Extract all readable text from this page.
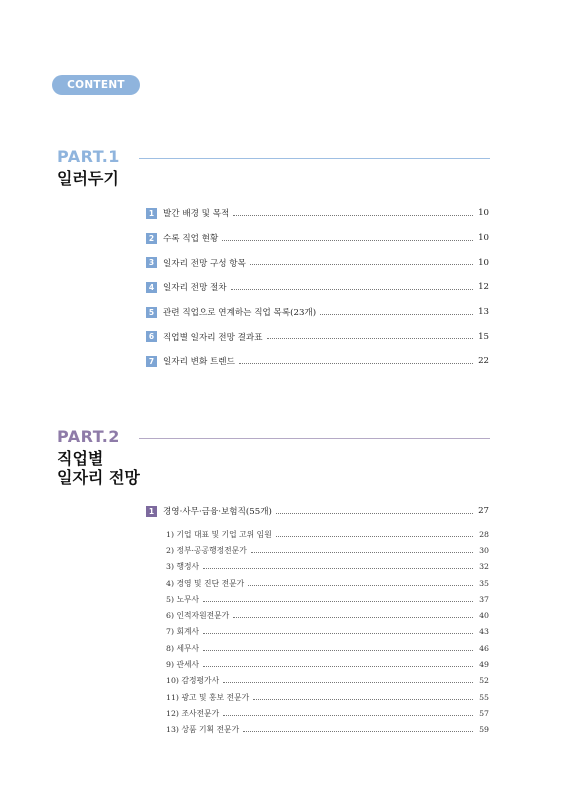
CONTENT
PART.1
일러두기
1	발간 배경 및 목적	10
2	수록 직업 현황	10
3	일자리 전망 구성 항목	10
4	일자리 전망 절차	12
5	관련 직업으로 연계하는 직업 목록(23개)	13
6	직업별 일자리 전망 결과표	15
7	일자리 변화 트렌드	22
PART.2
직업별
일자리 전망
1	경영·사무·금융·보험직(55개)	27
1) 기업 대표 및 기업 고위 임원	28
2) 정부·공공행정전문가	30
3) 행정사	32
4) 경영 및 진단 전문가	35
5) 노무사	37
6) 인적자원전문가	40
7) 회계사	43
8) 세무사	46
9) 관세사	49
10) 감정평가사	52
11) 광고 및 홍보 전문가	55
12) 조사전문가	57
13) 상품 기획 전문가	59
